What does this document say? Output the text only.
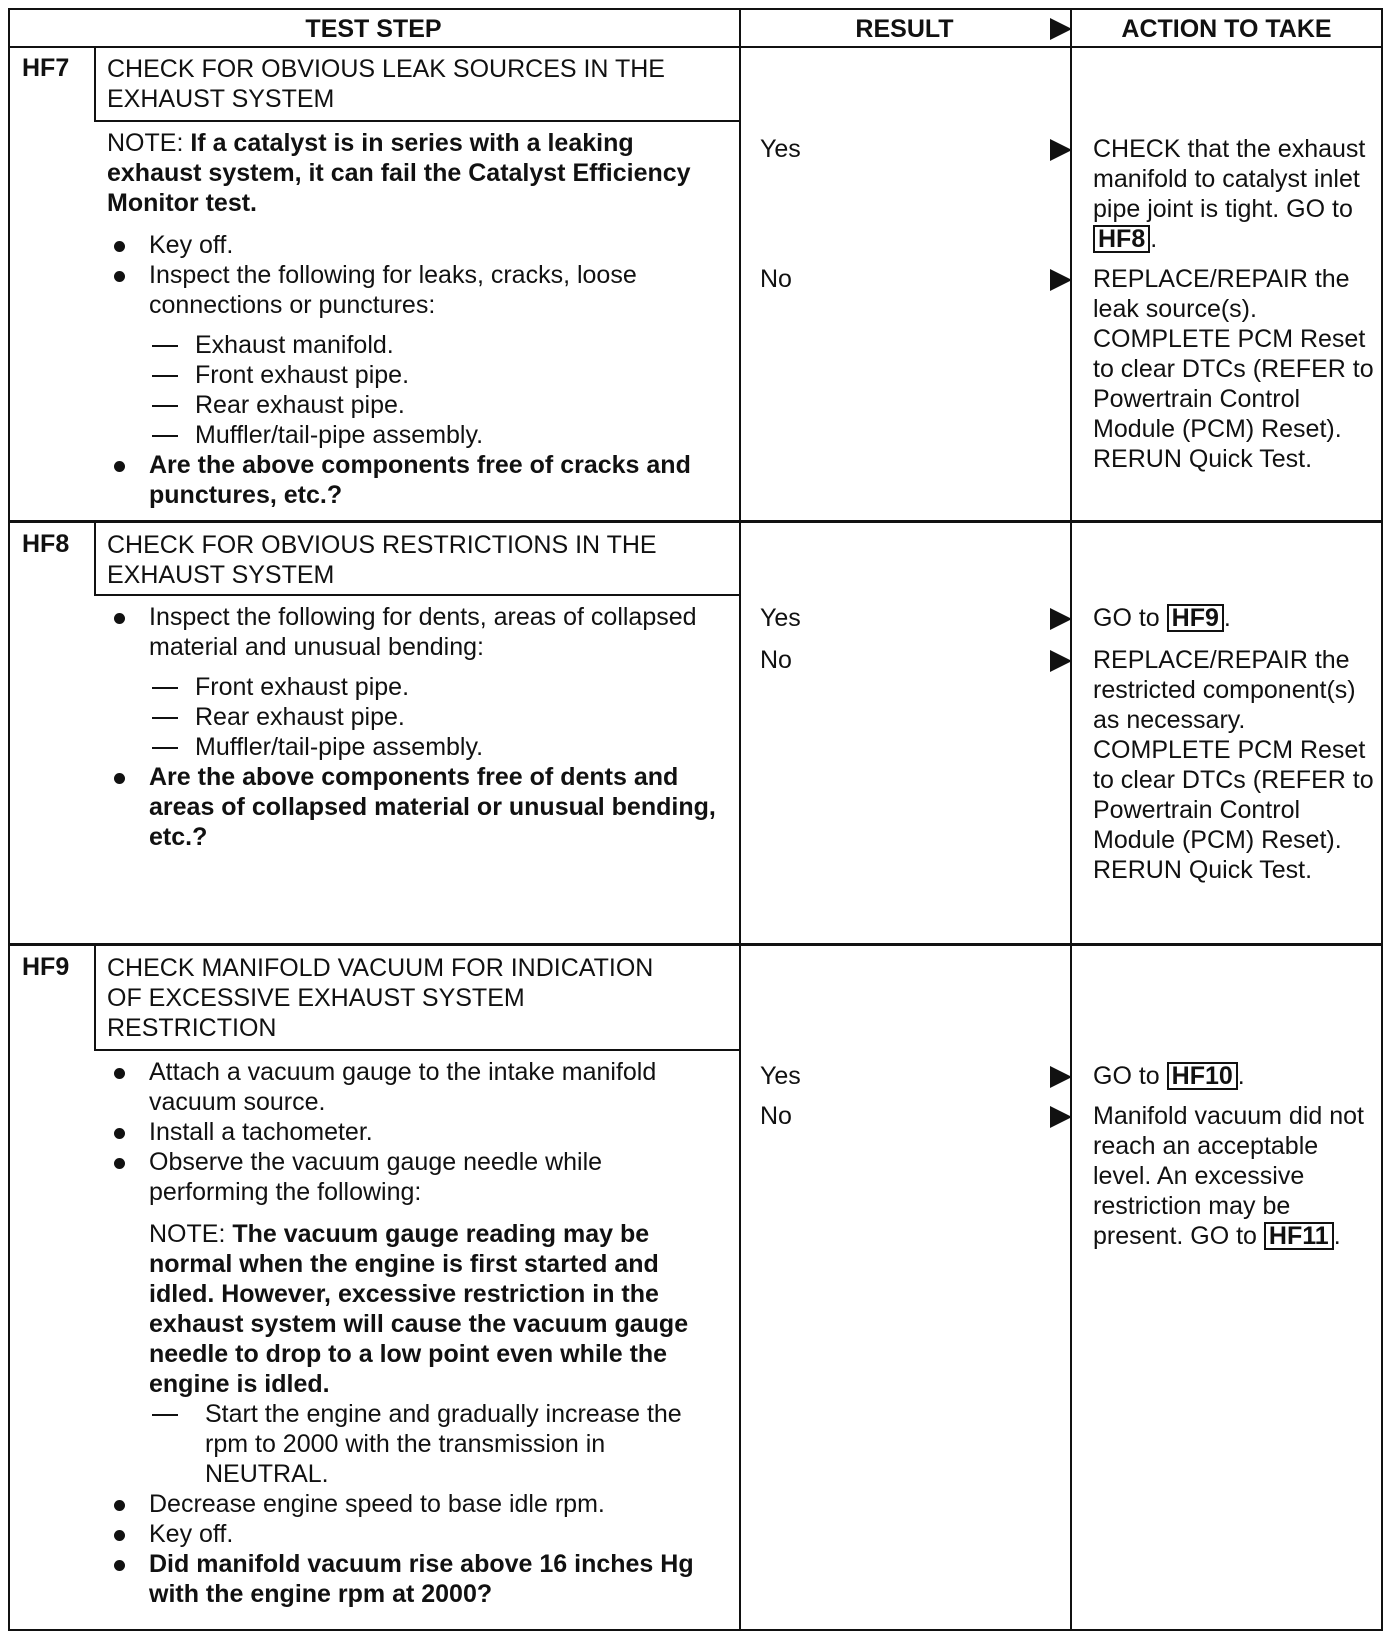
TEST STEP	RESULT	ACTION TO TAKE
HF7 CHECK FOR OBVIOUS LEAK SOURCES IN THE EXHAUST SYSTEM

NOTE: If a catalyst is in series with a leaking exhaust system, it can fail the Catalyst Efficiency Monitor test.

Key off.

Inspect the following for leaks, cracks, loose connections or punctures:

Exhaust manifold.

Front exhaust pipe.

Rear exhaust pipe.

Muffler/tail-pipe assembly.

Are the above components free of cracks and punctures, etc.?

Yes	CHECK that the exhaust manifold to catalyst inlet pipe joint is tight. GO to HF8 .
No	REPLACE/REPAIR the leak source(s). COMPLETE PCM Reset to clear DTCs (REFER to Powertrain Control Module (PCM) Reset). RERUN Quick Test.
HF8 CHECK FOR OBVIOUS RESTRICTIONS IN THE EXHAUST SYSTEM

Inspect the following for dents, areas of collapsed material and unusual bending:

Front exhaust pipe.

Rear exhaust pipe.

Muffler/tail-pipe assembly.

Are the above components free of dents and areas of collapsed material or unusual bending, etc.?

Yes	GO to HF9 .
No	REPLACE/REPAIR the restricted component(s) as necessary. COMPLETE PCM Reset to clear DTCs (REFER to Powertrain Control Module (PCM) Reset). RERUN Quick Test.
HF9 CHECK MANIFOLD VACUUM FOR INDICATION OF EXCESSIVE EXHAUST SYSTEM RESTRICTION

Attach a vacuum gauge to the intake manifold vacuum source.

Install a tachometer.

Observe the vacuum gauge needle while performing the following:

NOTE: The vacuum gauge reading may be normal when the engine is first started and idled. However, excessive restriction in the exhaust system will cause the vacuum gauge needle to drop to a low point even while the engine is idled.

Start the engine and gradually increase the rpm to 2000 with the transmission in NEUTRAL.

Decrease engine speed to base idle rpm.

Key off.

Did manifold vacuum rise above 16 inches Hg with the engine rpm at 2000?

Yes	GO to HF10 .
No	Manifold vacuum did not reach an acceptable level. An excessive restriction may be present. GO to HF11 .
